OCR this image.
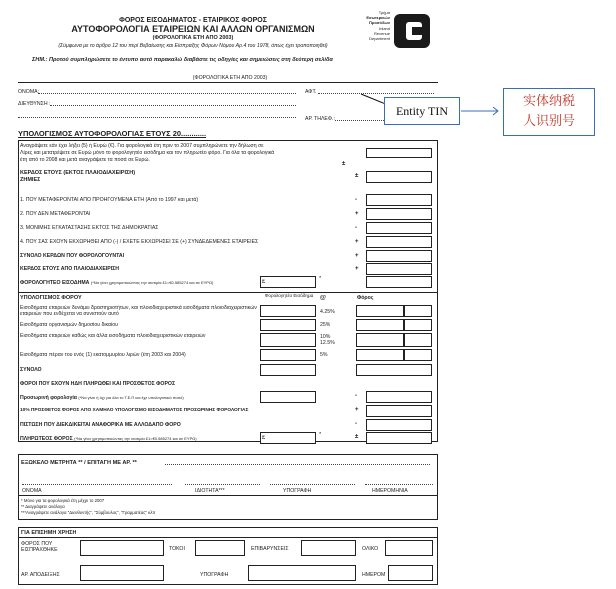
ΦΟΡΟΣ ΕΙΣΟΔΗΜΑΤΟΣ - ΕΤΑΙΡΙΚΟΣ ΦΟΡΟΣ
ΑΥΤΟΦΟΡΟΛΟΓΙΑ ΕΤΑΙΡΕΙΩΝ ΚΑΙ ΑΛΛΩΝ ΟΡΓΑΝΙΣΜΩΝ
(ΦΟΡΟΛΟΓΙΚΑ ΕΤΗ ΑΠΟ 2003)
(Σύμφωνα με το άρθρο 12 του περί Βεβαίωσης και Είσπραξης Φόρων Νόμου Αρ.4 του 1978, όπως έχει τροποποιηθεί)
ΣΗΜ.: Προτού συμπληρώσετε το έντυπο αυτό παρακαλώ διαβάστε τις οδηγίες και σημειώσεις στη δεύτερη σελίδα
Τμήμα
Εσωτερικών
Προσόδων
Inland
Revenue
Department
(ΦΟΡΟΛΟΓΙΚΑ ΕΤΗ ΑΠΟ 2003)
ΟΝΟΜΑ:
ΔΙΕΥΘΥΝΣΗ :
ΑΦΤ.
ΑΡ. ΤΗΛΕΦ.:
Entity TIN
实体纳税
人识别号
ΥΠΟΛΟΓΙΣΜΟΣ ΑΥΤΟΦΟΡΟΛΟΓΙΑΣ ΕΤΟΥΣ 20............
Αναγράψετε εάν έχει λήξει (5) ή Ευρώ (€). Για φορολογικά έτη πριν το 2007 συμπληρώνετε την δήλωση σε
Λίρες και μετατρέψετε σε Ευρώ μόνο το φορολογητέο εισόδημα και τον πληρωτέο φόρο. Για όλα τα φορολογικά
έτη από το 2008 και μετά αναγράψετε τα ποσά σε Ευρώ.
±
ΚΕΡΔΟΣ ΕΤΟΥΣ (ΕΚΤΟΣ ΠΛΑΙΟΔΙΑΧΕΙΡΙΣΗ)
ΖΗΜΙΕΣ
±
1. ΠΟΥ ΜΕΤΑΦΕΡΟΝΤΑΙ ΑΠΟ ΠΡΟΗΓΟΥΜΕΝΑ ΕΤΗ (Από το 1997 και μετά)	-
2. ΠΟΥ ΔΕΝ ΜΕΤΑΦΕΡΟΝΤΑΙ	+
3. ΜΟΝΙΜΗΣ ΕΓΚΑΤΑΣΤΑΣΗΣ ΕΚΤΟΣ ΤΗΣ ΔΗΜΟΚΡΑΤΙΑΣ	-
4. ΠΟΥ ΣΑΣ ΕΧΟΥΝ ΕΚΧΩΡΗΘΕΙ ΑΠΟ (-) / ΕΧΕΤΕ ΕΚΧΩΡΗΣΕΙ ΣΕ (+) ΣΥΝΔΕΔΕΜΕΝΕΣ ΕΤΑΙΡΕΙΕΣ	+
ΣΥΝΟΛΟ ΚΕΡΔΩΝ ΠΟΥ ΦΟΡΟΛΟΓΟΥΝΤΑΙ	+
ΚΕΡΔΟΣ ΕΤΟΥΣ ΑΠΟ ΠΛΑΙΟΔΙΑΧΕΙΡΙΣΗ	+
ΦΟΡΟΛΟΓΗΤΕΟ ΕΙΣΟΔΗΜΑ (*Να γίνει χρησιμοποιώντας την ισοτιμία £1=€0.585274 και σε ΕΥΡΩ)	£	*
ΥΠΟΛΟΓΙΣΜΟΣ ΦΟΡΟΥ	Φορολογητέο Εισόδημα	@	Φόρος
Εισοδήματα εταιρειών δυνάμει δραστηριοτήτων, και πλοιοδιαχειριστικά εισοδήματα πλοιοδιαχειριστικών εταιρειών που ενδέχεται να συνιστούν αυτό	4.25%
Εισοδήματα οργανισμών δημοσίου δικαίου	25%
Εισοδήματα εταιρειών καθώς και άλλα εισοδήματα πλοιοδιαχειριστικών εταιρειών	10%
12.5%
Εισοδήματα πέραν του ενός (1) εκατομμυρίου λιρών (έτη 2003 και 2004)	5%
ΣΥΝΟΛΟ
ΦΟΡΟΙ ΠΟΥ ΕΧΟΥΝ ΗΔΗ ΠΛΗΡΩΘΕΙ ΚΑΙ ΠΡΟΣΘΕΤΟΣ ΦΟΡΟΣ
Προσωρινή φορολογία (*Να γίνει ή όχι για όλα το Τ.Ε.Π και έχε υπολογιστικό ποσό)	-
10% ΠΡΟΣΘΕΤΟΣ ΦΟΡΟΣ ΑΠΟ ΧΑΜΗΛΟ ΥΠΟΛΟΓΙΣΜΟ ΕΙΣΟΔΗΜΑΤΟΣ ΠΡΟΣΩΡΙΝΗΣ ΦΟΡΟΛΟΓΙΑΣ	+
ΠΙΣΤΩΣΗ ΠΟΥ ΔΙΕΚΔΙΚΕΙΤΑΙ ΑΝΑΦΟΡΙΚΑ ΜΕ ΑΛΛΟΔΑΠΟ ΦΟΡΟ	-
ΠΛΗΡΩΤΕΟΣ ΦΟΡΟΣ (*Να γίνει χρησιμοποιώντας την ισοτιμία £1=€0.585274 και σε ΕΥΡΩ)	£	*	±
ΕΞΩΚΕΛΟ ΜΕΤΡΗΤΑ ** / ΕΠΙΤΑΓΗ ΜΕ ΑΡ. **
ΟΝΟΜΑ	ΙΔΙΟΤΗΤΑ***	ΥΠΟΓΡΑΦΗ	ΗΜΕΡΟΜΗΝΙΑ
* Μόνο για τα φορολογικά έτη μέχρι το 2007
** Διαγράψετε ανάλογα
***Αναγράψετε ανάλογα "Διευθυντής", "Σύμβουλος", "Γραμματέας" κλπ
ΓΙΑ ΕΠΙΣΗΜΗ ΧΡΗΣΗ
ΦΟΡΟΣ ΠΟΥ ΕΙΣΠΡΑΧΘΗΚΕ	ΤΟΚΟΙ	ΕΠΙΒΑΡΥΝΣΕΙΣ	ΟΛΙΚΟ
ΑΡ. ΑΠΟΔΕΙΞΗΣ	ΥΠΟΓΡΑΦΗ	ΗΜΕΡΟΜ
